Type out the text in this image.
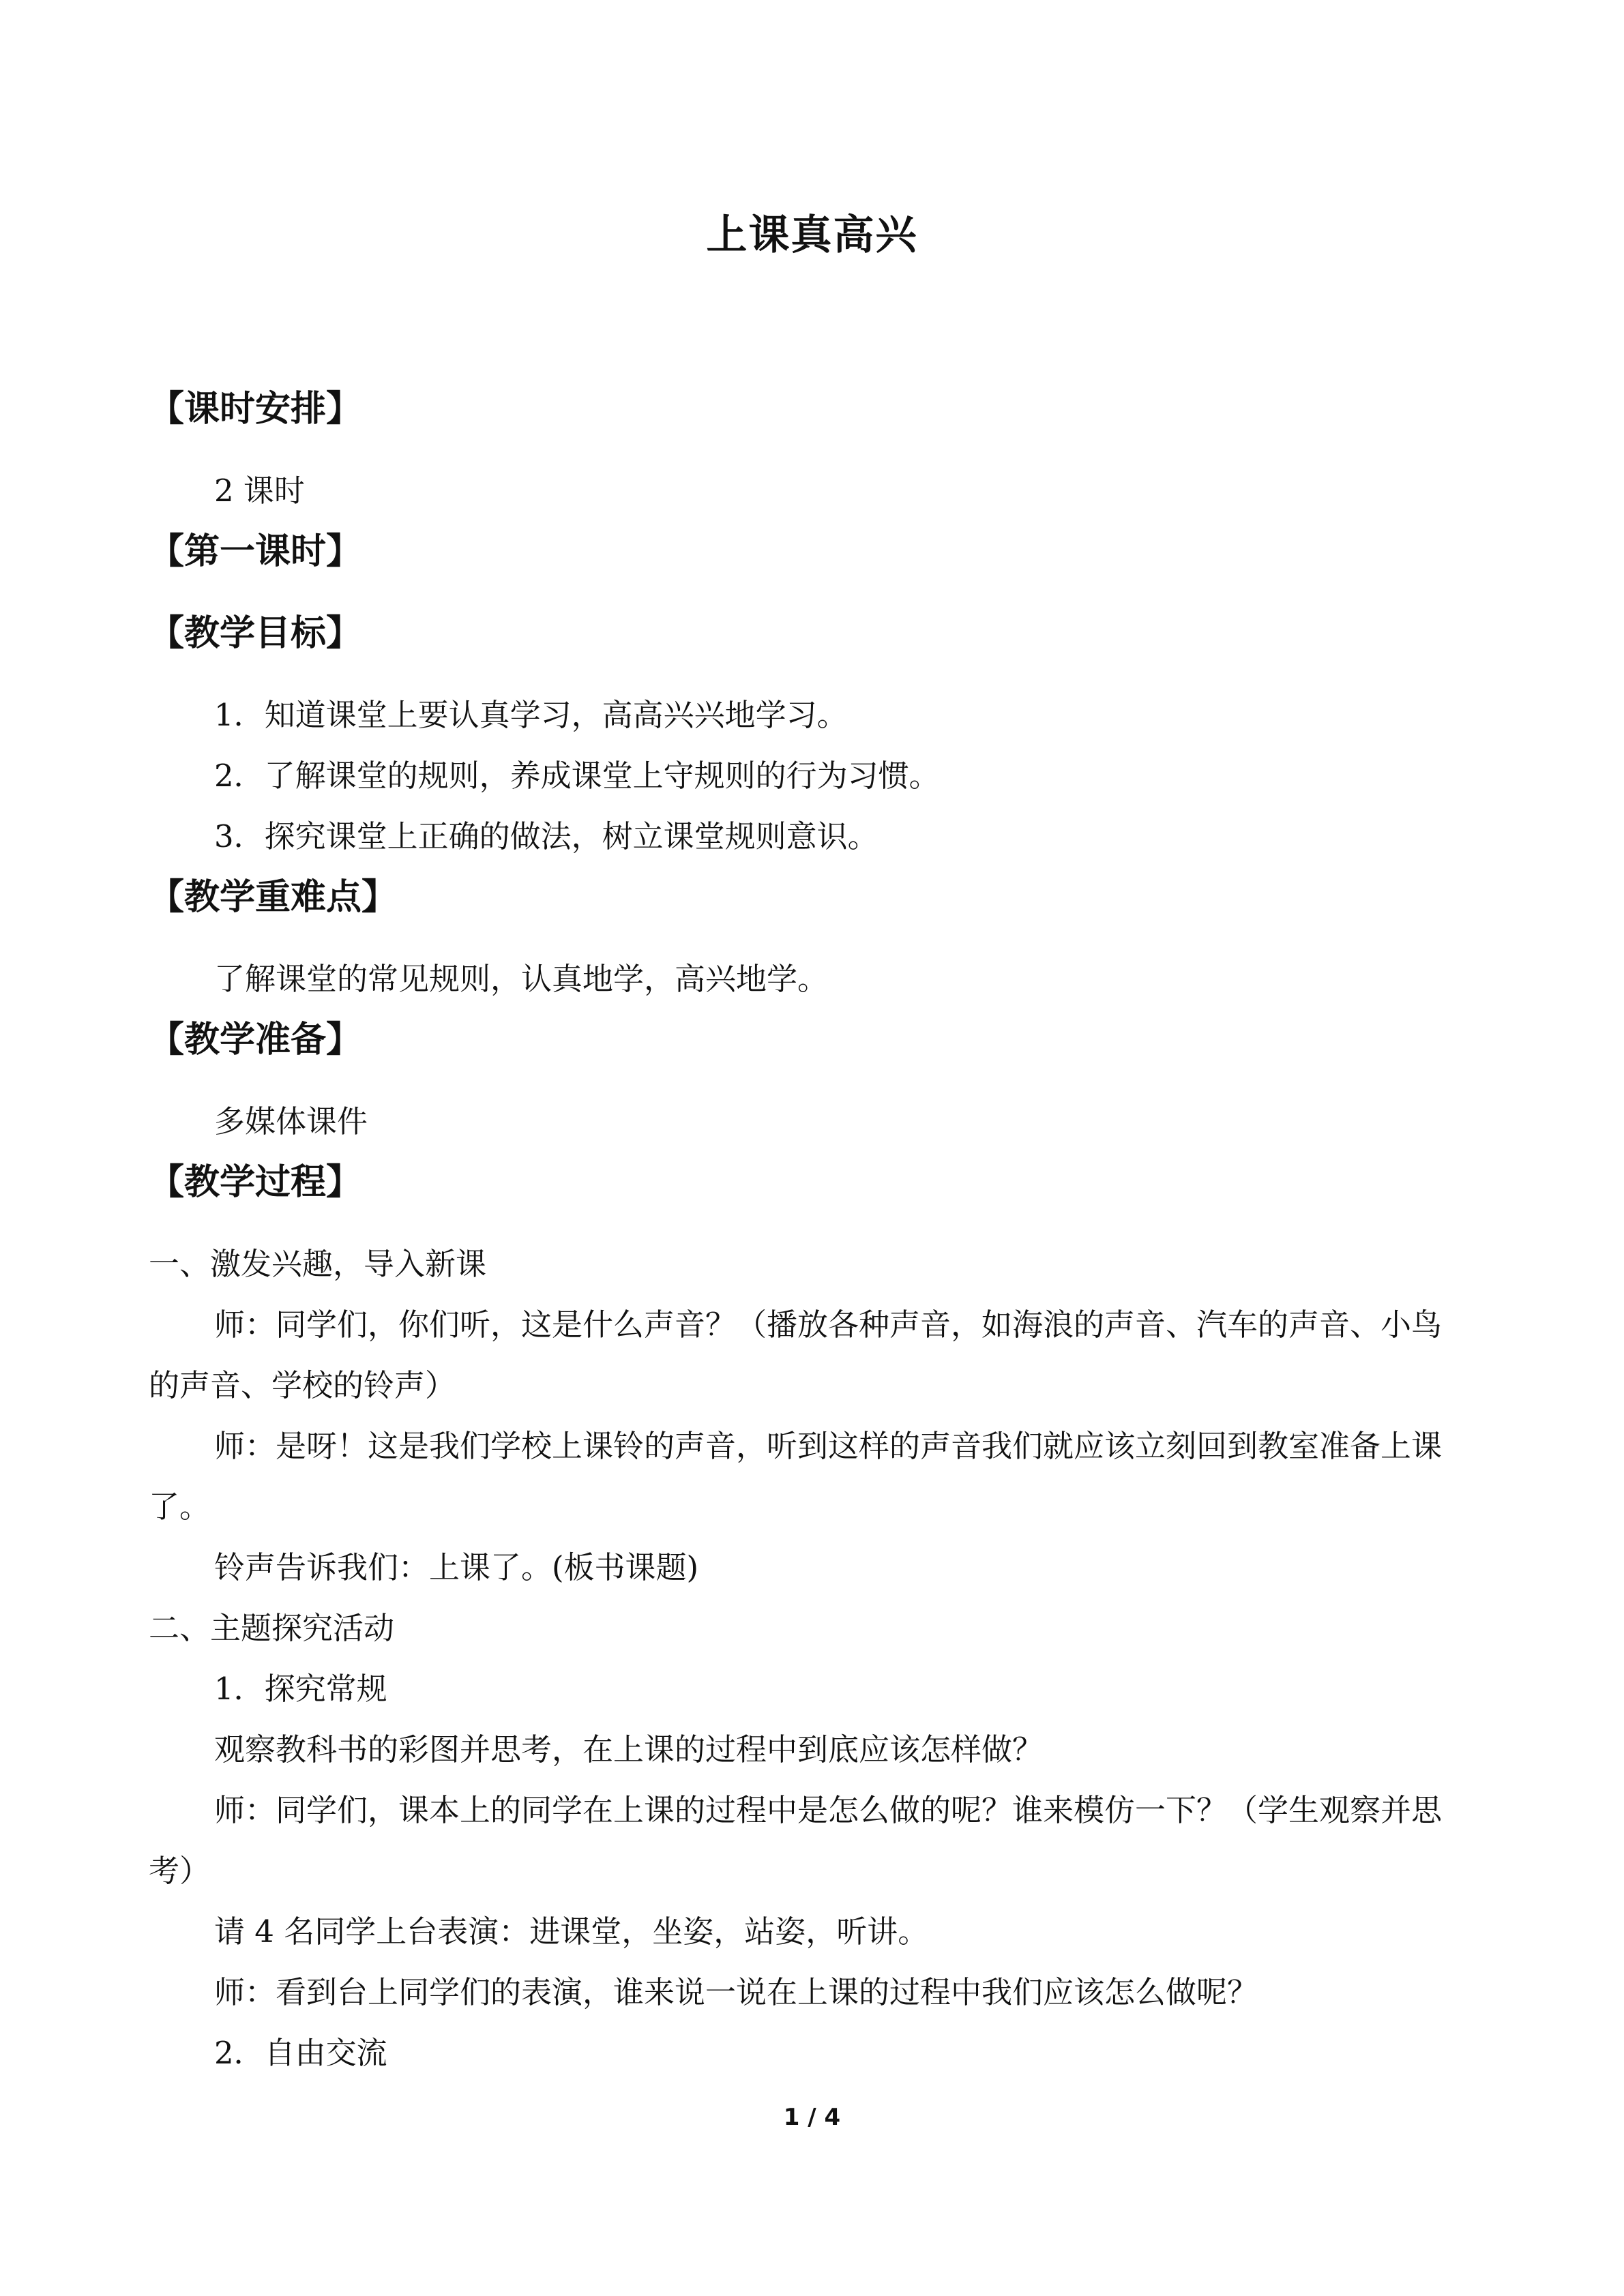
上课真高兴

【课时安排】

2 课时

【第一课时】

【教学目标】

1．知道课堂上要认真学习，高高兴兴地学习。

2．了解课堂的规则，养成课堂上守规则的行为习惯。

3．探究课堂上正确的做法，树立课堂规则意识。

【教学重难点】

了解课堂的常见规则，认真地学，高兴地学。

【教学准备】

多媒体课件

【教学过程】

一、激发兴趣，导入新课

师：同学们，你们听，这是什么声音？（播放各种声音，如海浪的声音、汽车的声音、小鸟的声音、学校的铃声）

师：是呀！这是我们学校上课铃的声音，听到这样的声音我们就应该立刻回到教室准备上课了。

铃声告诉我们：上课了。(板书课题)

二、主题探究活动

1．探究常规

观察教科书的彩图并思考，在上课的过程中到底应该怎样做？

师：同学们，课本上的同学在上课的过程中是怎么做的呢？谁来模仿一下？（学生观察并思考）

请 4 名同学上台表演：进课堂，坐姿，站姿，听讲。

师：看到台上同学们的表演，谁来说一说在上课的过程中我们应该怎么做呢？

2．自由交流

1 / 4
